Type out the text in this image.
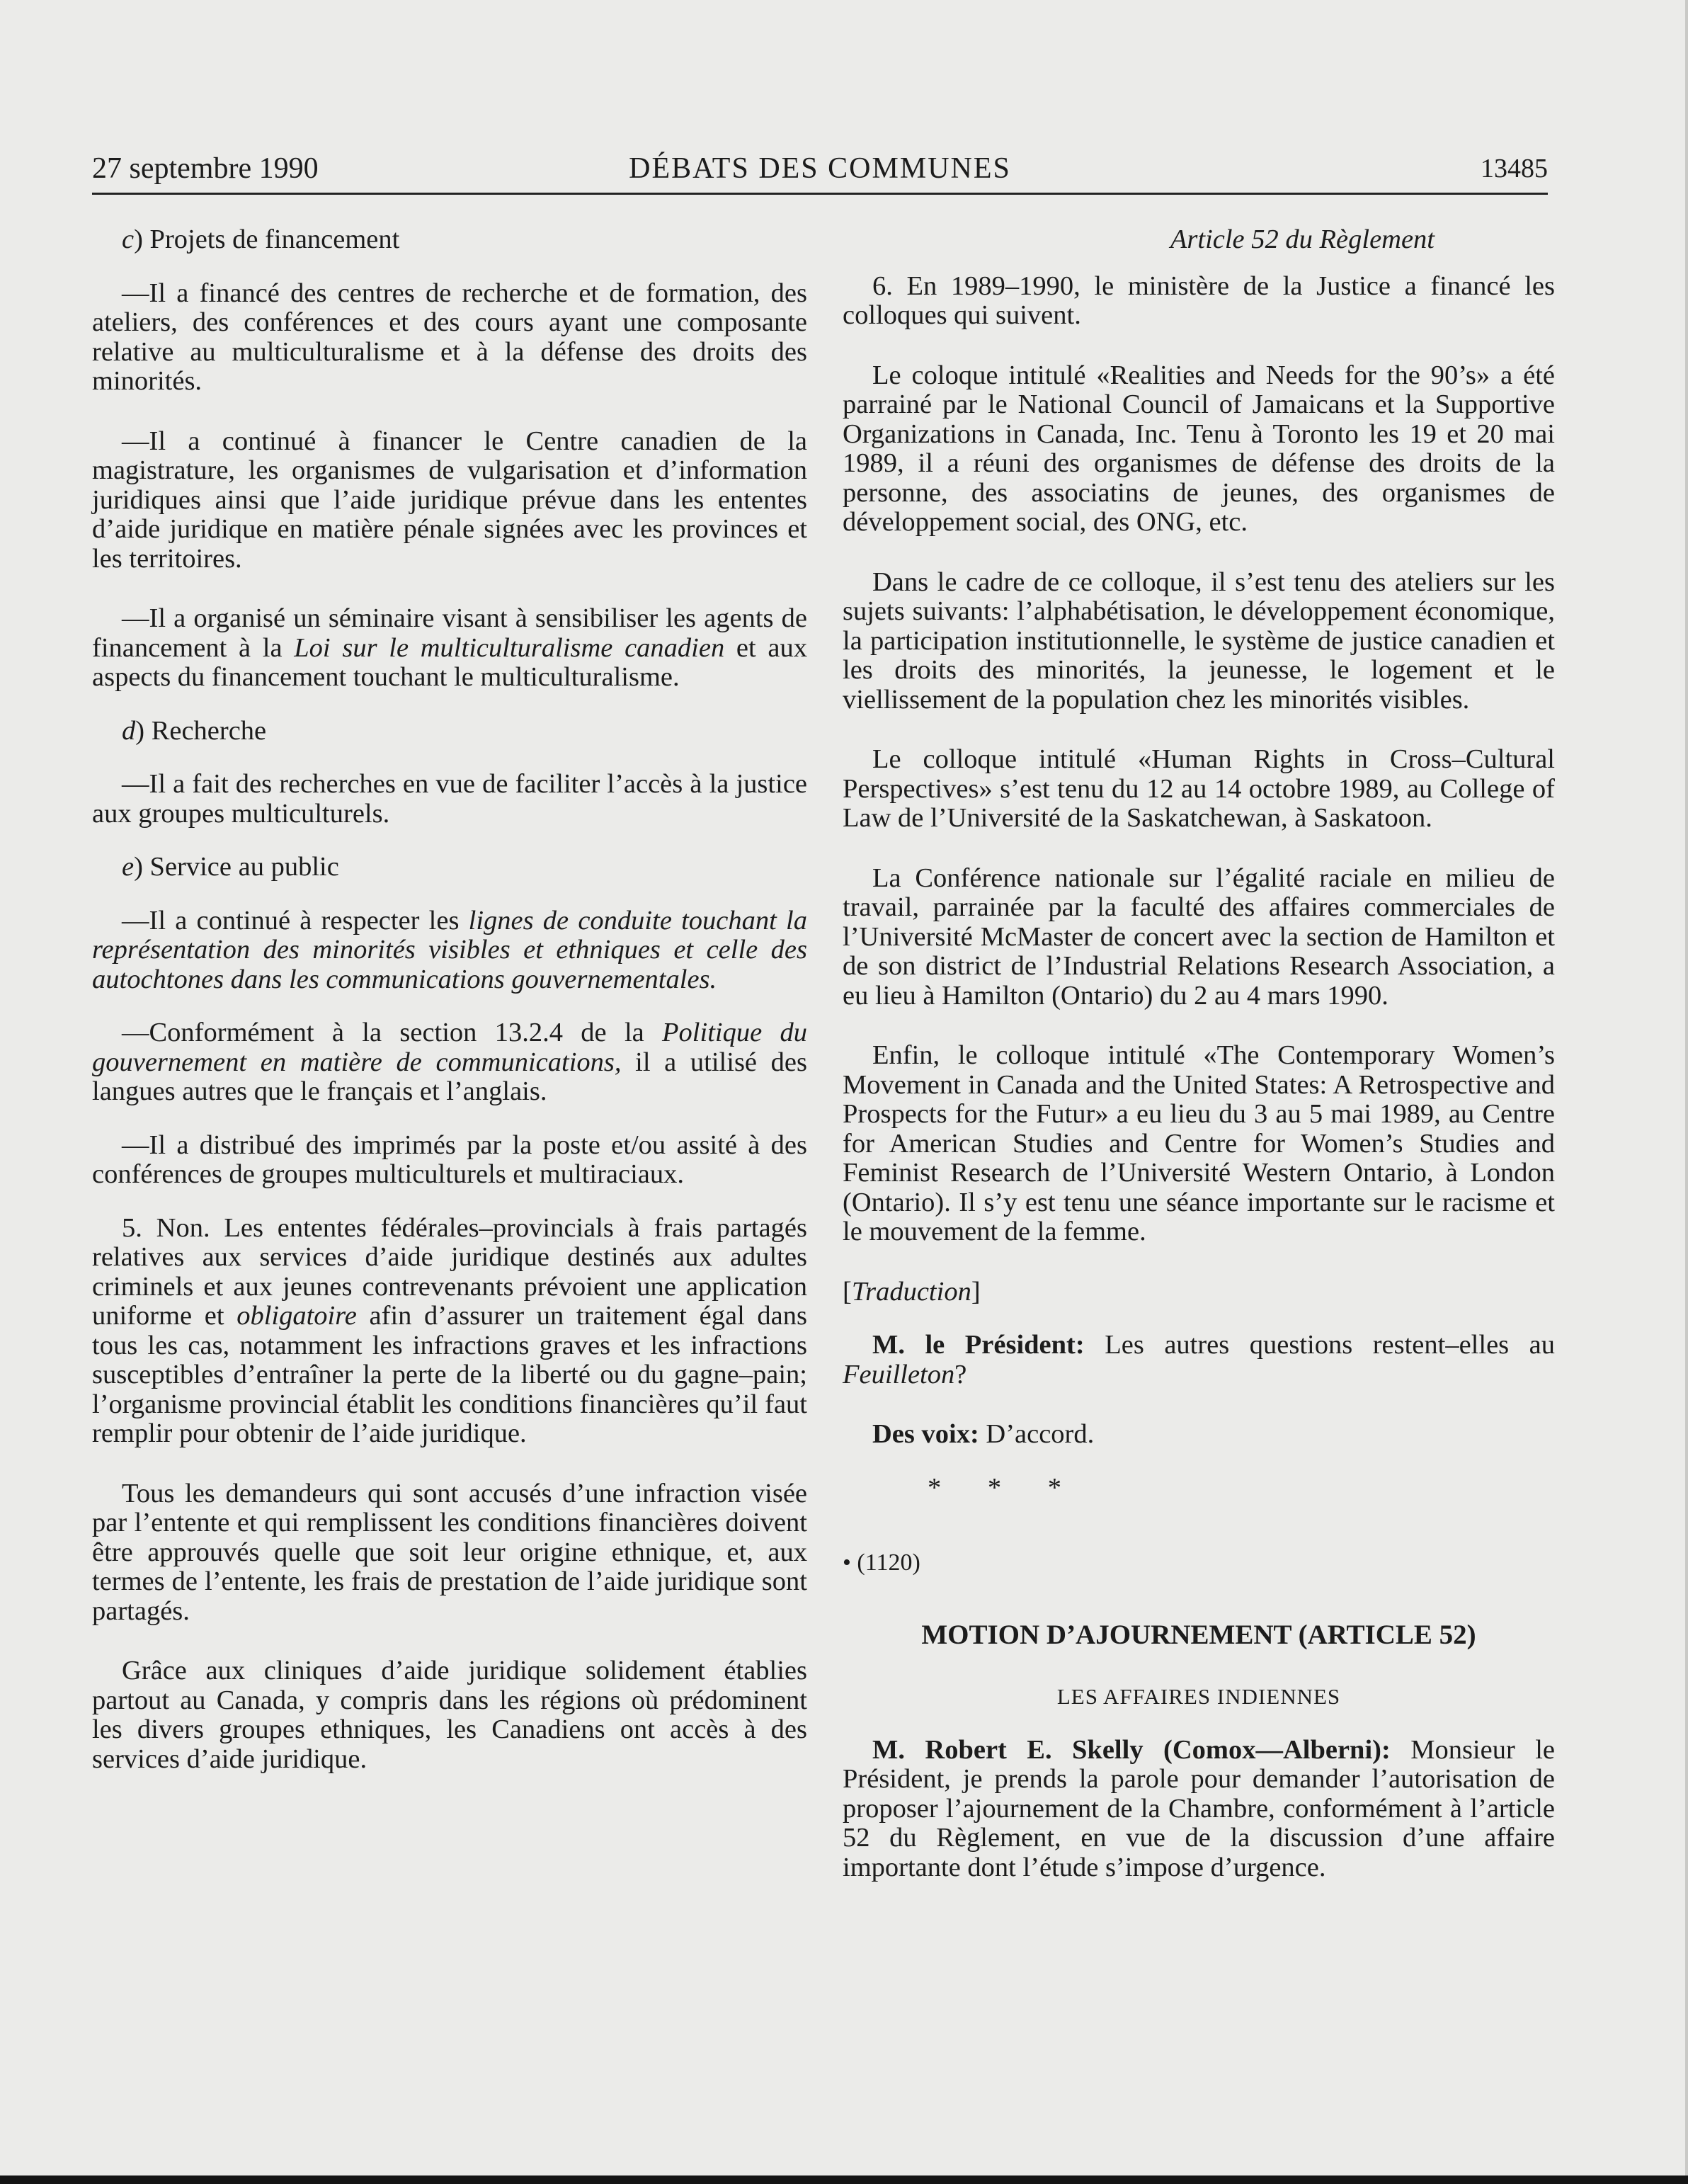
27 septembre 1990	DÉBATS DES COMMUNES	13485

c) Projets de financement

—Il a financé des centres de recherche et de formation, des ateliers, des conférences et des cours ayant une composante relative au multiculturalisme et à la défense des droits des minorités.

—Il a continué à financer le Centre canadien de la magistrature, les organismes de vulgarisation et d’information juridiques ainsi que l’aide juridique prévue dans les ententes d’aide juridique en matière pénale signées avec les provinces et les territoires.

—Il a organisé un séminaire visant à sensibiliser les agents de financement à la Loi sur le multiculturalisme canadien et aux aspects du financement touchant le multiculturalisme.

d) Recherche

—Il a fait des recherches en vue de faciliter l’accès à la justice aux groupes multiculturels.

e) Service au public

—Il a continué à respecter les lignes de conduite touchant la représentation des minorités visibles et ethniques et celle des autochtones dans les communications gouvernementales.

—Conformément à la section 13.2.4 de la Politique du gouvernement en matière de communications, il a utilisé des langues autres que le français et l’anglais.

—Il a distribué des imprimés par la poste et/ou assité à des conférences de groupes multiculturels et multiraciaux.

5. Non. Les ententes fédérales–provincials à frais partagés relatives aux services d’aide juridique destinés aux adultes criminels et aux jeunes contrevenants prévoient une application uniforme et obligatoire afin d’assurer un traitement égal dans tous les cas, notamment les infractions graves et les infractions susceptibles d’entraîner la perte de la liberté ou du gagne–pain; l’organisme provincial établit les conditions financières qu’il faut remplir pour obtenir de l’aide juridique.

Tous les demandeurs qui sont accusés d’une infraction visée par l’entente et qui remplissent les conditions financières doivent être approuvés quelle que soit leur origine ethnique, et, aux termes de l’entente, les frais de prestation de l’aide juridique sont partagés.

Grâce aux cliniques d’aide juridique solidement établies partout au Canada, y compris dans les régions où prédominent les divers groupes ethniques, les Canadiens ont accès à des services d’aide juridique.

Article 52 du Règlement

6. En 1989–1990, le ministère de la Justice a financé les colloques qui suivent.

Le coloque intitulé «Realities and Needs for the 90’s» a été parrainé par le National Council of Jamaicans et la Supportive Organizations in Canada, Inc. Tenu à Toronto les 19 et 20 mai 1989, il a réuni des organismes de défense des droits de la personne, des associatins de jeunes, des organismes de développement social, des ONG, etc.

Dans le cadre de ce colloque, il s’est tenu des ateliers sur les sujets suivants: l’alphabétisation, le développement économique, la participation institutionnelle, le système de justice canadien et les droits des minorités, la jeunesse, le logement et le viellissement de la population chez les minorités visibles.

Le colloque intitulé «Human Rights in Cross–Cultural Perspectives» s’est tenu du 12 au 14 octobre 1989, au College of Law de l’Université de la Saskatchewan, à Saskatoon.

La Conférence nationale sur l’égalité raciale en milieu de travail, parrainée par la faculté des affaires commerciales de l’Université McMaster de concert avec la section de Hamilton et de son district de l’Industrial Relations Research Association, a eu lieu à Hamilton (Ontario) du 2 au 4 mars 1990.

Enfin, le colloque intitulé «The Contemporary Women’s Movement in Canada and the United States: A Retrospective and Prospects for the Futur» a eu lieu du 3 au 5 mai 1989, au Centre for American Studies and Centre for Women’s Studies and Feminist Research de l’Université Western Ontario, à London (Ontario). Il s’y est tenu une séance importante sur le racisme et le mouvement de la femme.

[Traduction]

M. le Président: Les autres questions restent–elles au Feuilleton?

Des voix: D’accord.

* * *

• (1120)

MOTION D’AJOURNEMENT (ARTICLE 52)

LES AFFAIRES INDIENNES

M. Robert E. Skelly (Comox—Alberni): Monsieur le Président, je prends la parole pour demander l’autorisation de proposer l’ajournement de la Chambre, conformément à l’article 52 du Règlement, en vue de la discussion d’une affaire importante dont l’étude s’impose d’urgence.
